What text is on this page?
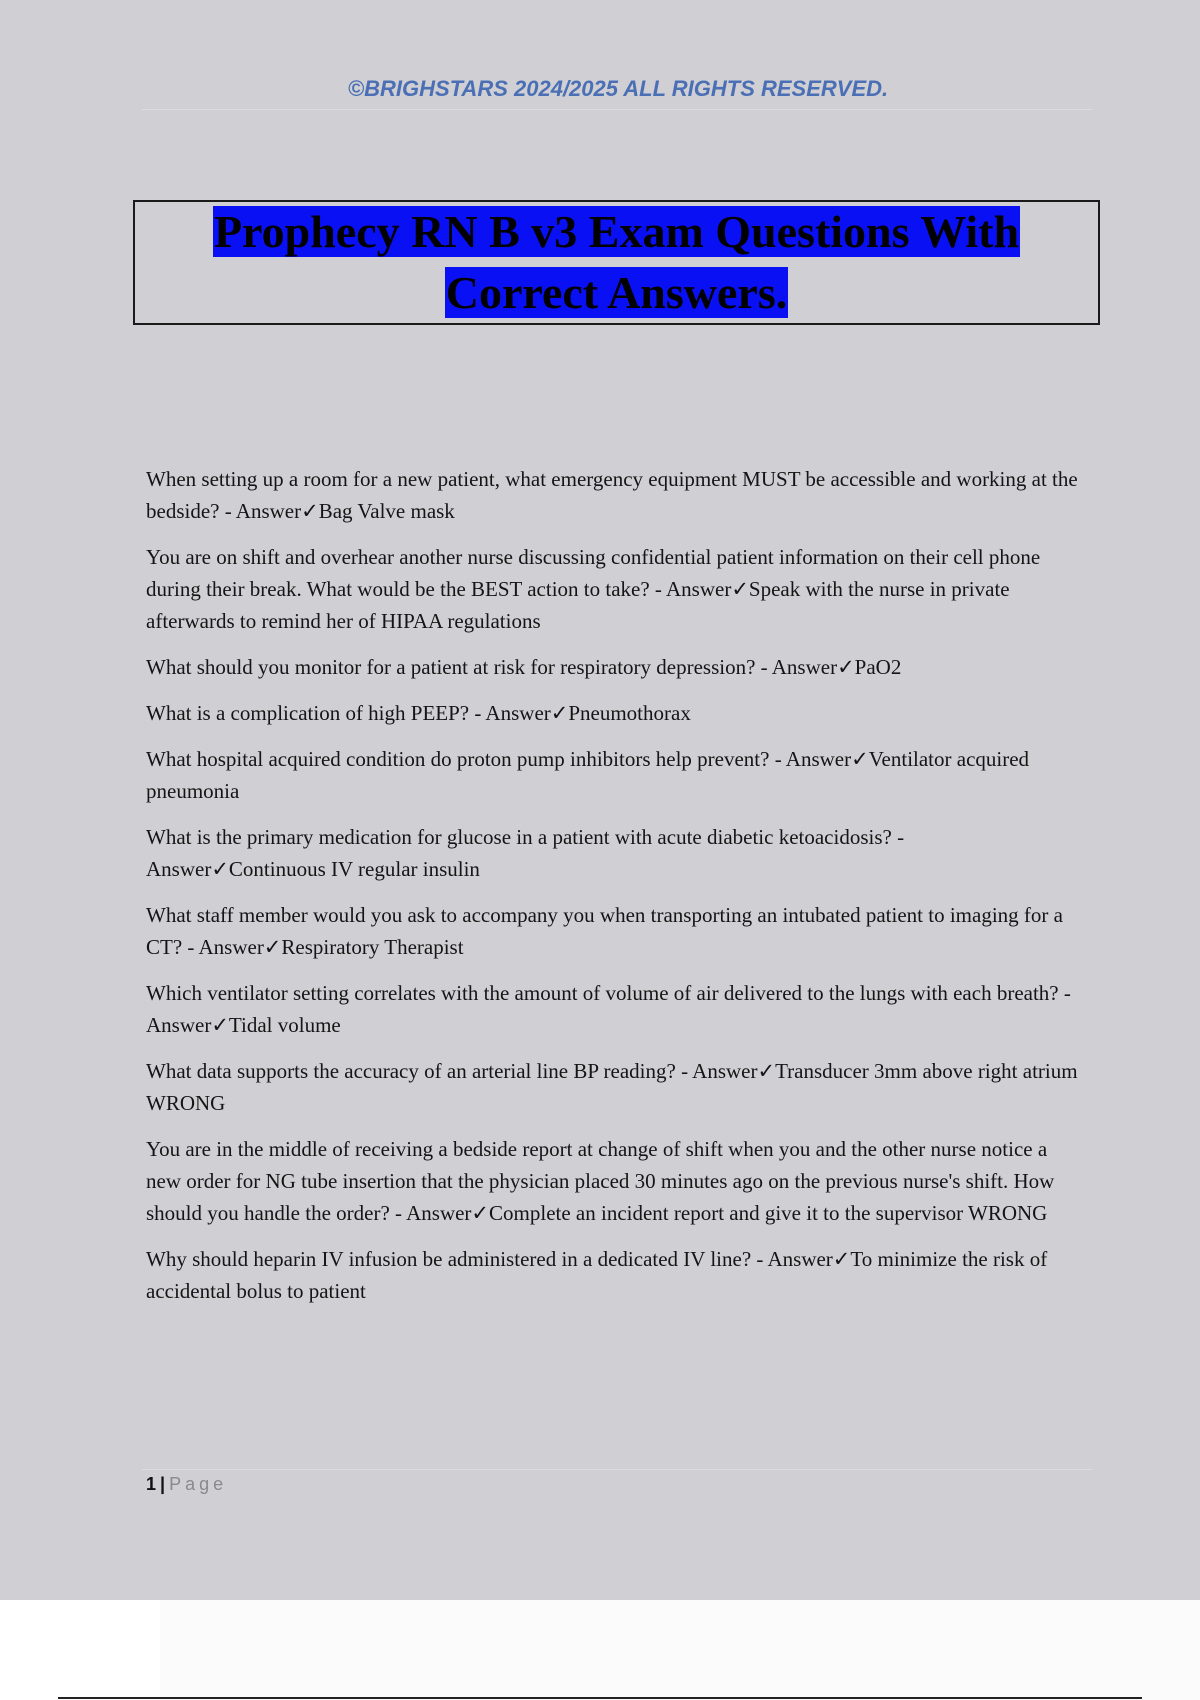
©BRIGHSTARS 2024/2025 ALL RIGHTS RESERVED.

Prophecy RN B v3 Exam Questions With

Correct Answers.

When setting up a room for a new patient, what emergency equipment MUST be accessible and working at the bedside? - Answer✓Bag Valve mask

You are on shift and overhear another nurse discussing confidential patient information on their cell phone during their break. What would be the BEST action to take? - Answer✓Speak with the nurse in private afterwards to remind her of HIPAA regulations

What should you monitor for a patient at risk for respiratory depression? - Answer✓PaO2

What is a complication of high PEEP? - Answer✓Pneumothorax

What hospital acquired condition do proton pump inhibitors help prevent? - Answer✓Ventilator acquired pneumonia

What is the primary medication for glucose in a patient with acute diabetic ketoacidosis? - Answer✓Continuous IV regular insulin

What staff member would you ask to accompany you when transporting an intubated patient to imaging for a CT? - Answer✓Respiratory Therapist

Which ventilator setting correlates with the amount of volume of air delivered to the lungs with each breath? - Answer✓Tidal volume

What data supports the accuracy of an arterial line BP reading? - Answer✓Transducer 3mm above right atrium WRONG

You are in the middle of receiving a bedside report at change of shift when you and the other nurse notice a new order for NG tube insertion that the physician placed 30 minutes ago on the previous nurse's shift. How should you handle the order? - Answer✓Complete an incident report and give it to the supervisor WRONG

Why should heparin IV infusion be administered in a dedicated IV line? - Answer✓To minimize the risk of accidental bolus to patient

1 | Page
